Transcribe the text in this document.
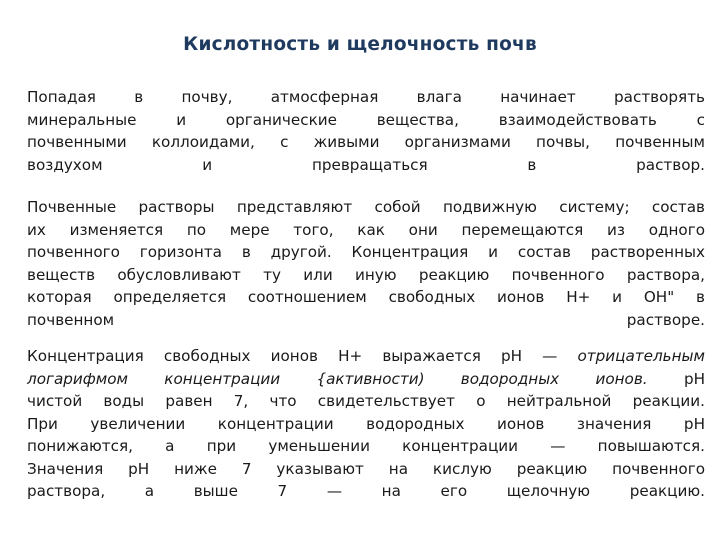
Кислотность и щелочность почв
Попадая в почву, атмосферная влага начинает растворять
минеральные и органические вещества, взаимодействовать с
почвенными коллоидами, с живыми организмами почвы, почвенным
воздухом и превращаться в раствор.
Почвенные растворы представляют собой подвижную систему; состав
их изменяется по мере того, как они перемещаются из одного
почвенного горизонта в другой. Концентрация и состав растворенных
веществ обусловливают ту или иную реакцию почвенного раствора,
которая определяется соотношением свободных ионов Н+ и ОН" в
почвенном растворе.
Концентрация свободных ионов Н+ выражается рН — отрицательным
логарифмом концентрации {активности) водородных ионов. рН
чистой воды равен 7, что свидетельствует о нейтральной реакции.
При увеличении концентрации водородных ионов значения рН
понижаются, а при уменьшении концентрации — повышаются.
Значения рН ниже 7 указывают на кислую реакцию почвенного
раствора, а выше 7 — на его щелочную реакцию.
